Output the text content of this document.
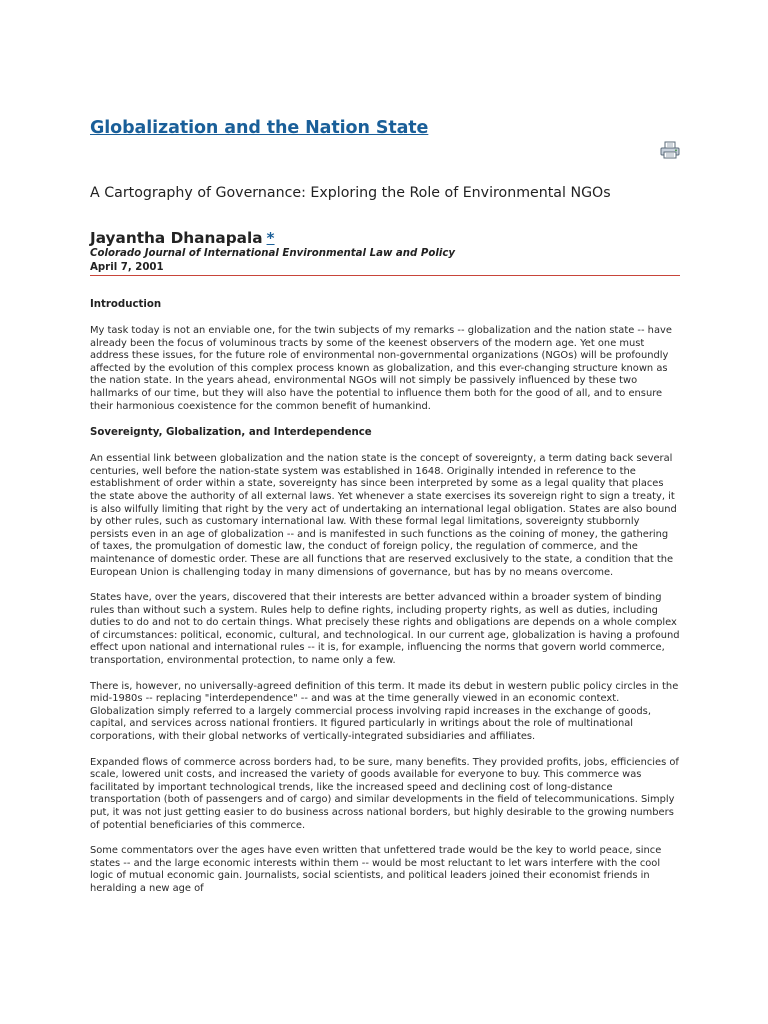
Globalization and the Nation State
A Cartography of Governance: Exploring the Role of Environmental NGOs
Jayantha Dhanapala *
Colorado Journal of International Environmental Law and Policy
April 7, 2001
Introduction

My task today is not an enviable one, for the twin subjects of my remarks -- globalization and the nation state -- have already been the focus of voluminous tracts by some of the keenest observers of the modern age. Yet one must address these issues, for the future role of environmental non-governmental organizations (NGOs) will be profoundly affected by the evolution of this complex process known as globalization, and this ever-changing structure known as the nation state. In the years ahead, environmental NGOs will not simply be passively influenced by these two hallmarks of our time, but they will also have the potential to influence them both for the good of all, and to ensure their harmonious coexistence for the common benefit of humankind.

Sovereignty, Globalization, and Interdependence

An essential link between globalization and the nation state is the concept of sovereignty, a term dating back several centuries, well before the nation-state system was established in 1648. Originally intended in reference to the establishment of order within a state, sovereignty has since been interpreted by some as a legal quality that places the state above the authority of all external laws. Yet whenever a state exercises its sovereign right to sign a treaty, it is also wilfully limiting that right by the very act of undertaking an international legal obligation. States are also bound by other rules, such as customary international law. With these formal legal limitations, sovereignty stubbornly persists even in an age of globalization -- and is manifested in such functions as the coining of money, the gathering of taxes, the promulgation of domestic law, the conduct of foreign policy, the regulation of commerce, and the maintenance of domestic order. These are all functions that are reserved exclusively to the state, a condition that the European Union is challenging today in many dimensions of governance, but has by no means overcome.

States have, over the years, discovered that their interests are better advanced within a broader system of binding rules than without such a system. Rules help to define rights, including property rights, as well as duties, including duties to do and not to do certain things. What precisely these rights and obligations are depends on a whole complex of circumstances: political, economic, cultural, and technological. In our current age, globalization is having a profound effect upon national and international rules -- it is, for example, influencing the norms that govern world commerce, transportation, environmental protection, to name only a few.

There is, however, no universally-agreed definition of this term. It made its debut in western public policy circles in the mid-1980s -- replacing "interdependence" -- and was at the time generally viewed in an economic context. Globalization simply referred to a largely commercial process involving rapid increases in the exchange of goods, capital, and services across national frontiers. It figured particularly in writings about the role of multinational corporations, with their global networks of vertically-integrated subsidiaries and affiliates.

Expanded flows of commerce across borders had, to be sure, many benefits. They provided profits, jobs, efficiencies of scale, lowered unit costs, and increased the variety of goods available for everyone to buy. This commerce was facilitated by important technological trends, like the increased speed and declining cost of long-distance transportation (both of passengers and of cargo) and similar developments in the field of telecommunications. Simply put, it was not just getting easier to do business across national borders, but highly desirable to the growing numbers of potential beneficiaries of this commerce.

Some commentators over the ages have even written that unfettered trade would be the key to world peace, since states -- and the large economic interests within them -- would be most reluctant to let wars interfere with the cool logic of mutual economic gain. Journalists, social scientists, and political leaders joined their economist friends in heralding a new age of
